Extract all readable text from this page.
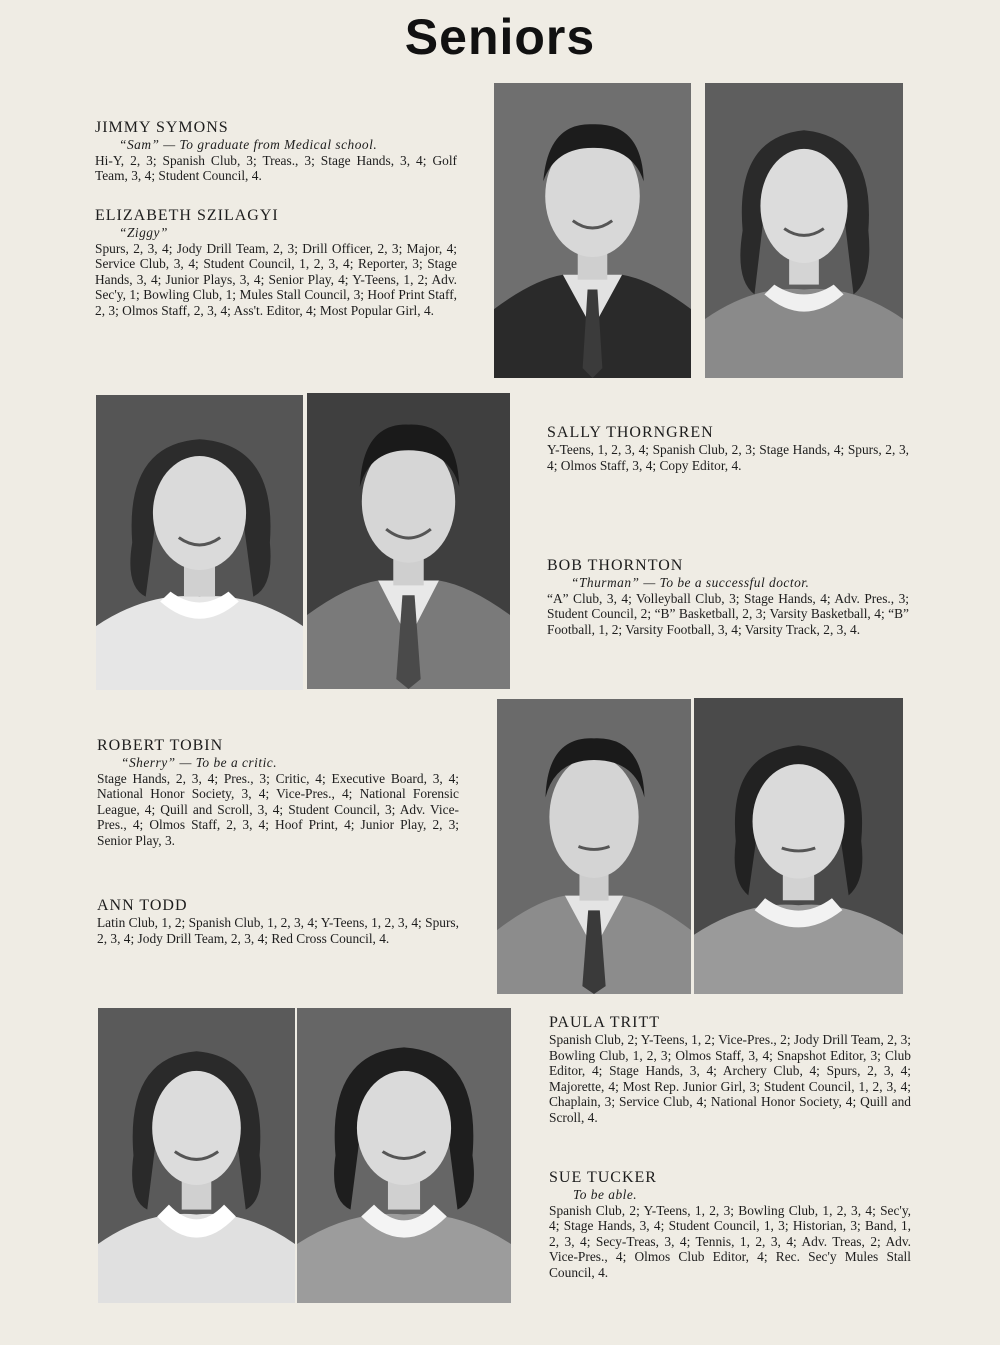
Seniors
JIMMY SYMONS
“Sam” — To graduate from Medical school.
Hi-Y, 2, 3; Spanish Club, 3; Treas., 3; Stage Hands, 3, 4; Golf Team, 3, 4; Student Council, 4.
ELIZABETH SZILAGYI
“Ziggy”
Spurs, 2, 3, 4; Jody Drill Team, 2, 3; Drill Officer, 2, 3; Major, 4; Service Club, 3, 4; Student Council, 1, 2, 3, 4; Reporter, 3; Stage Hands, 3, 4; Junior Plays, 3, 4; Senior Play, 4; Y-Teens, 1, 2; Adv. Sec'y, 1; Bowling Club, 1; Mules Stall Council, 3; Hoof Print Staff, 2, 3; Olmos Staff, 2, 3, 4; Ass't. Editor, 4; Most Popular Girl, 4.
SALLY THORNGREN
Y-Teens, 1, 2, 3, 4; Spanish Club, 2, 3; Stage Hands, 4; Spurs, 2, 3, 4; Olmos Staff, 3, 4; Copy Editor, 4.
BOB THORNTON
“Thurman” — To be a successful doctor.
“A” Club, 3, 4; Volleyball Club, 3; Stage Hands, 4; Adv. Pres., 3; Student Council, 2; “B” Basketball, 2, 3; Varsity Basketball, 4; “B” Football, 1, 2; Varsity Football, 3, 4; Varsity Track, 2, 3, 4.
ROBERT TOBIN
“Sherry” — To be a critic.
Stage Hands, 2, 3, 4; Pres., 3; Critic, 4; Executive Board, 3, 4; National Honor Society, 3, 4; Vice-Pres., 4; National Forensic League, 4; Quill and Scroll, 3, 4; Student Council, 3; Adv. Vice-Pres., 4; Olmos Staff, 2, 3, 4; Hoof Print, 4; Junior Play, 2, 3; Senior Play, 3.
ANN TODD
Latin Club, 1, 2; Spanish Club, 1, 2, 3, 4; Y-Teens, 1, 2, 3, 4; Spurs, 2, 3, 4; Jody Drill Team, 2, 3, 4; Red Cross Council, 4.
PAULA TRITT
Spanish Club, 2; Y-Teens, 1, 2; Vice-Pres., 2; Jody Drill Team, 2, 3; Bowling Club, 1, 2, 3; Olmos Staff, 3, 4; Snapshot Editor, 3; Club Editor, 4; Stage Hands, 3, 4; Archery Club, 4; Spurs, 2, 3, 4; Majorette, 4; Most Rep. Junior Girl, 3; Student Council, 1, 2, 3, 4; Chaplain, 3; Service Club, 4; National Honor Society, 4; Quill and Scroll, 4.
SUE TUCKER
To be able.
Spanish Club, 2; Y-Teens, 1, 2, 3; Bowling Club, 1, 2, 3, 4; Sec'y, 4; Stage Hands, 3, 4; Student Council, 1, 3; Historian, 3; Band, 1, 2, 3, 4; Secy-Treas, 3, 4; Tennis, 1, 2, 3, 4; Adv. Treas, 2; Adv. Vice-Pres., 4; Olmos Club Editor, 4; Rec. Sec'y Mules Stall Council, 4.
